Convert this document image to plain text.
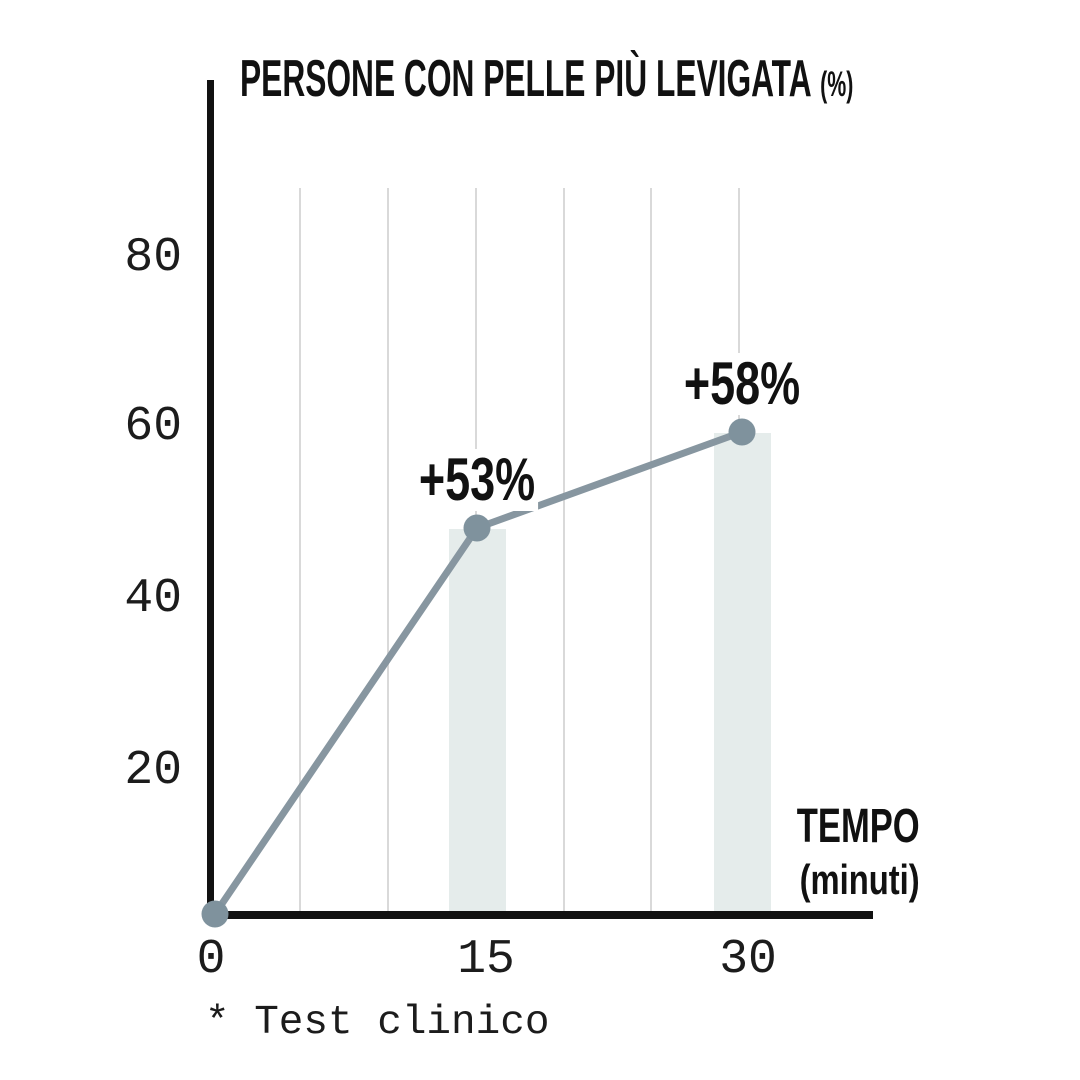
PERSONE CON PELLE PIÙ LEVIGATA (%)
+53%
+58%
0	15	30
80
60
40
20
TEMPO
(minuti)
* Test clinico
